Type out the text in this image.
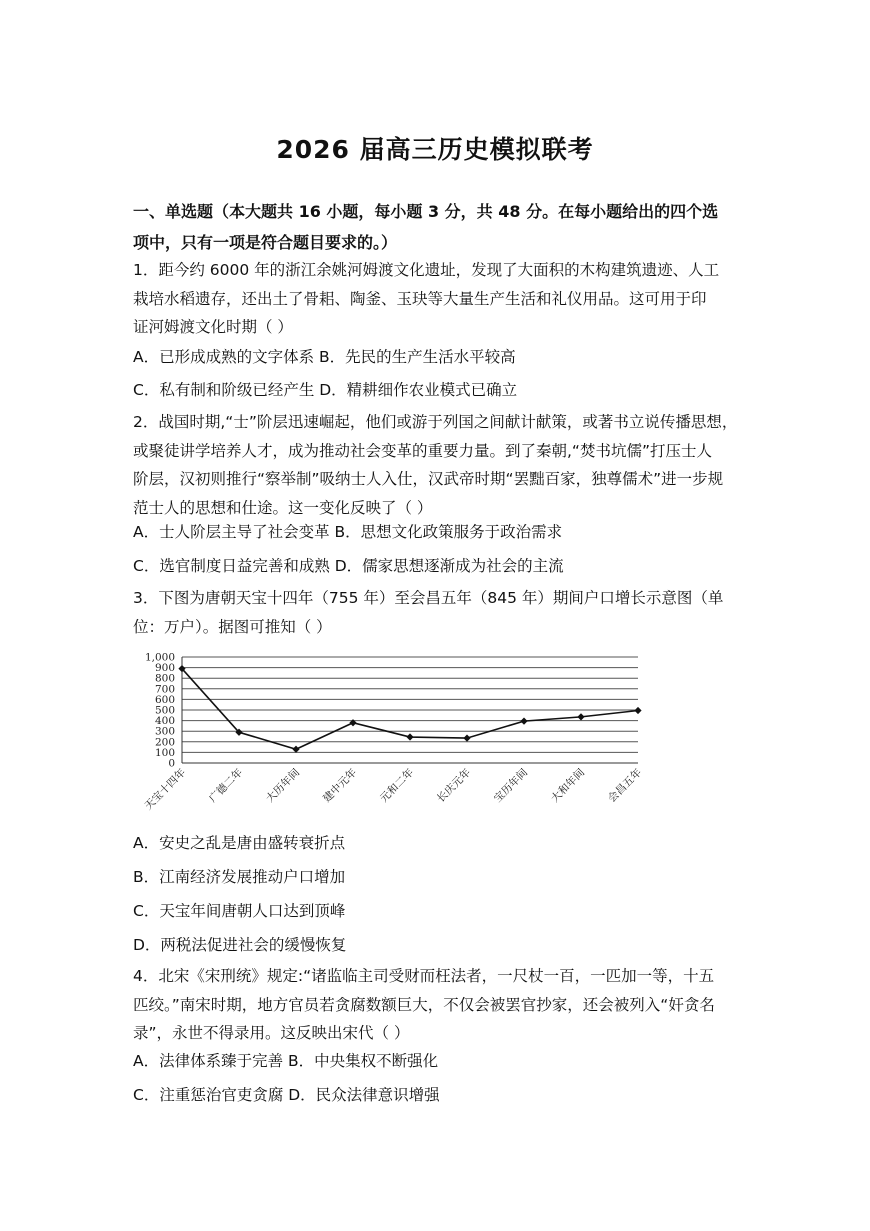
2026 届高三历史模拟联考
一、单选题（本大题共 16 小题，每小题 3 分，共 48 分。在每小题给出的四个选
项中，只有一项是符合题目要求的。）
1．距今约 6000 年的浙江余姚河姆渡文化遗址，发现了大面积的木构建筑遗迹、人工
栽培水稻遗存，还出土了骨耜、陶釜、玉玦等大量生产生活和礼仪用品。这可用于印
证河姆渡文化时期（ ）
A．已形成成熟的文字体系 B．先民的生产生活水平较高
C．私有制和阶级已经产生 D．精耕细作农业模式已确立
2．战国时期,“士”阶层迅速崛起，他们或游于列国之间献计献策，或著书立说传播思想，
或聚徒讲学培养人才，成为推动社会变革的重要力量。到了秦朝,“焚书坑儒”打压士人
阶层，汉初则推行“察举制”吸纳士人入仕，汉武帝时期“罢黜百家，独尊儒术”进一步规
范士人的思想和仕途。这一变化反映了（ ）
A．士人阶层主导了社会变革 B．思想文化政策服务于政治需求
C．选官制度日益完善和成熟 D．儒家思想逐渐成为社会的主流
3．下图为唐朝天宝十四年（755 年）至会昌五年（845 年）期间户口增长示意图（单
位：万户）。据图可推知（ ）
0
100
200
300
400
500
600
700
800
900
1,000
天宝十四年 广德二年 大历年间 建中元年 元和二年 长庆元年 宝历年间 大和年间 会昌五年
A．安史之乱是唐由盛转衰折点
B．江南经济发展推动户口增加
C．天宝年间唐朝人口达到顶峰
D．两税法促进社会的缓慢恢复
4．北宋《宋刑统》规定:“诸监临主司受财而枉法者，一尺杖一百，一匹加一等，十五
匹绞。”南宋时期，地方官员若贪腐数额巨大，不仅会被罢官抄家，还会被列入“奸贪名
录”，永世不得录用。这反映出宋代（ ）
A．法律体系臻于完善 B．中央集权不断强化
C．注重惩治官吏贪腐 D．民众法律意识增强
